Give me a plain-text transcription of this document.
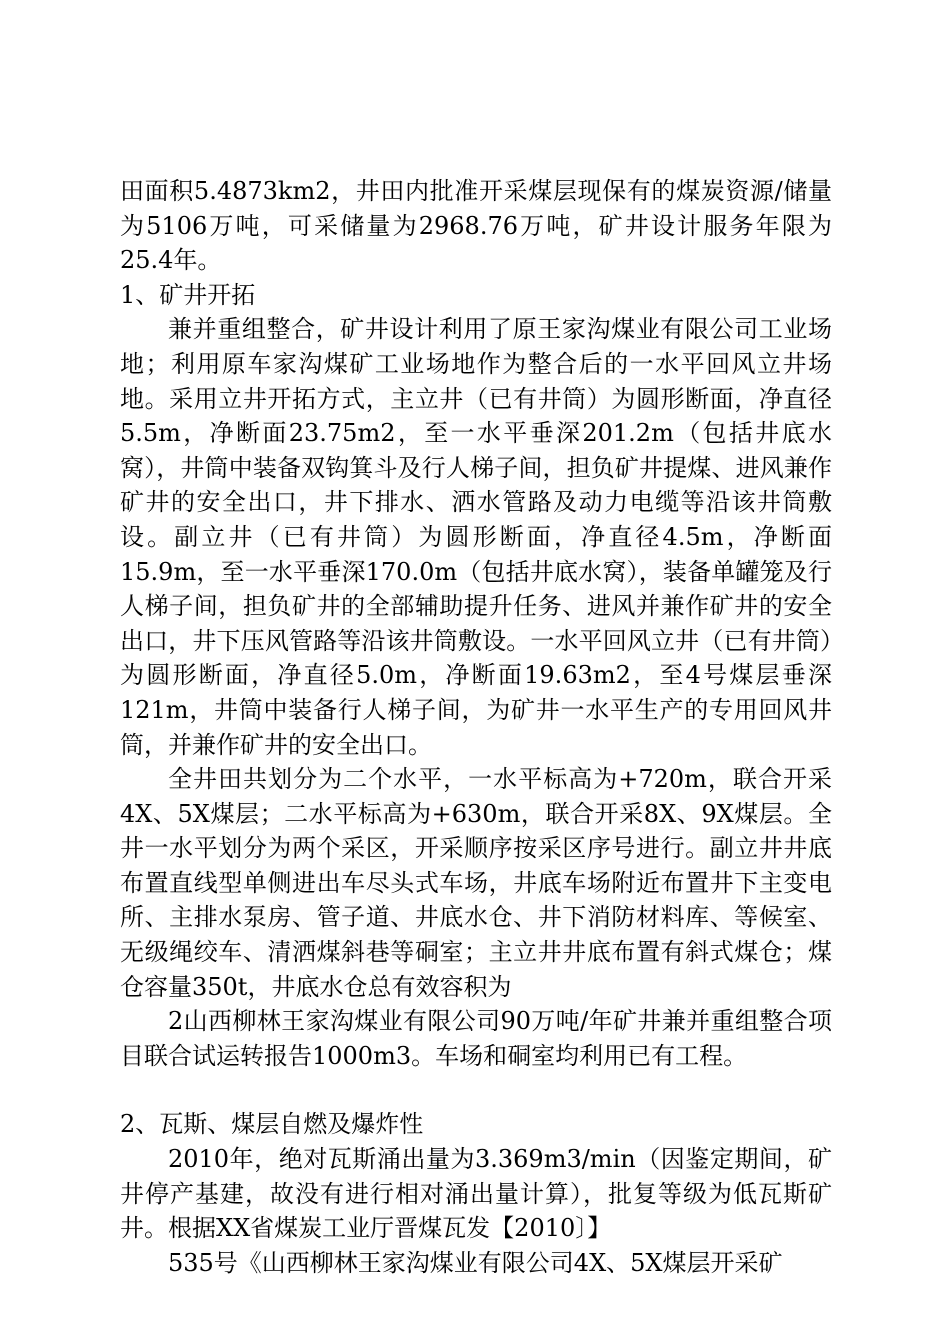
田面积5.4873km2，井田内批准开采煤层现保有的煤炭资源/储量为5106万吨，可采储量为2968.76万吨，矿井设计服务年限为25.4年。

1、矿井开拓

兼并重组整合，矿井设计利用了原王家沟煤业有限公司工业场地；利用原车家沟煤矿工业场地作为整合后的一水平回风立井场地。采用立井开拓方式，主立井（已有井筒）为圆形断面，净直径5.5m，净断面23.75m2，至一水平垂深201.2m（包括井底水窝），井筒中装备双钩箕斗及行人梯子间，担负矿井提煤、进风兼作矿井的安全出口，井下排水、洒水管路及动力电缆等沿该井筒敷设。副立井（已有井筒）为圆形断面，净直径4.5m，净断面15.9m，至一水平垂深170.0m（包括井底水窝），装备单罐笼及行人梯子间，担负矿井的全部辅助提升任务、进风并兼作矿井的安全出口，井下压风管路等沿该井筒敷设。一水平回风立井（已有井筒）为圆形断面，净直径5.0m，净断面19.63m2，至4号煤层垂深121m，井筒中装备行人梯子间，为矿井一水平生产的专用回风井筒，并兼作矿井的安全出口。

全井田共划分为二个水平，一水平标高为+720m，联合开采4X、5X煤层；二水平标高为+630m，联合开采8X、9X煤层。全井一水平划分为两个采区，开采顺序按采区序号进行。副立井井底布置直线型单侧进出车尽头式车场，井底车场附近布置井下主变电所、主排水泵房、管子道、井底水仓、井下消防材料库、等候室、无级绳绞车、清洒煤斜巷等硐室；主立井井底布置有斜式煤仓；煤仓容量350t，井底水仓总有效容积为

2山西柳林王家沟煤业有限公司90万吨/年矿井兼并重组整合项目联合试运转报告1000m3。车场和硐室均利用已有工程。

2、瓦斯、煤层自燃及爆炸性

2010年，绝对瓦斯涌出量为3.369m3/min（因鉴定期间，矿井停产基建，故没有进行相对涌出量计算），批复等级为低瓦斯矿井。根据XX省煤炭工业厅晋煤瓦发【2010〕】

535号《山西柳林王家沟煤业有限公司4X、5X煤层开采矿
